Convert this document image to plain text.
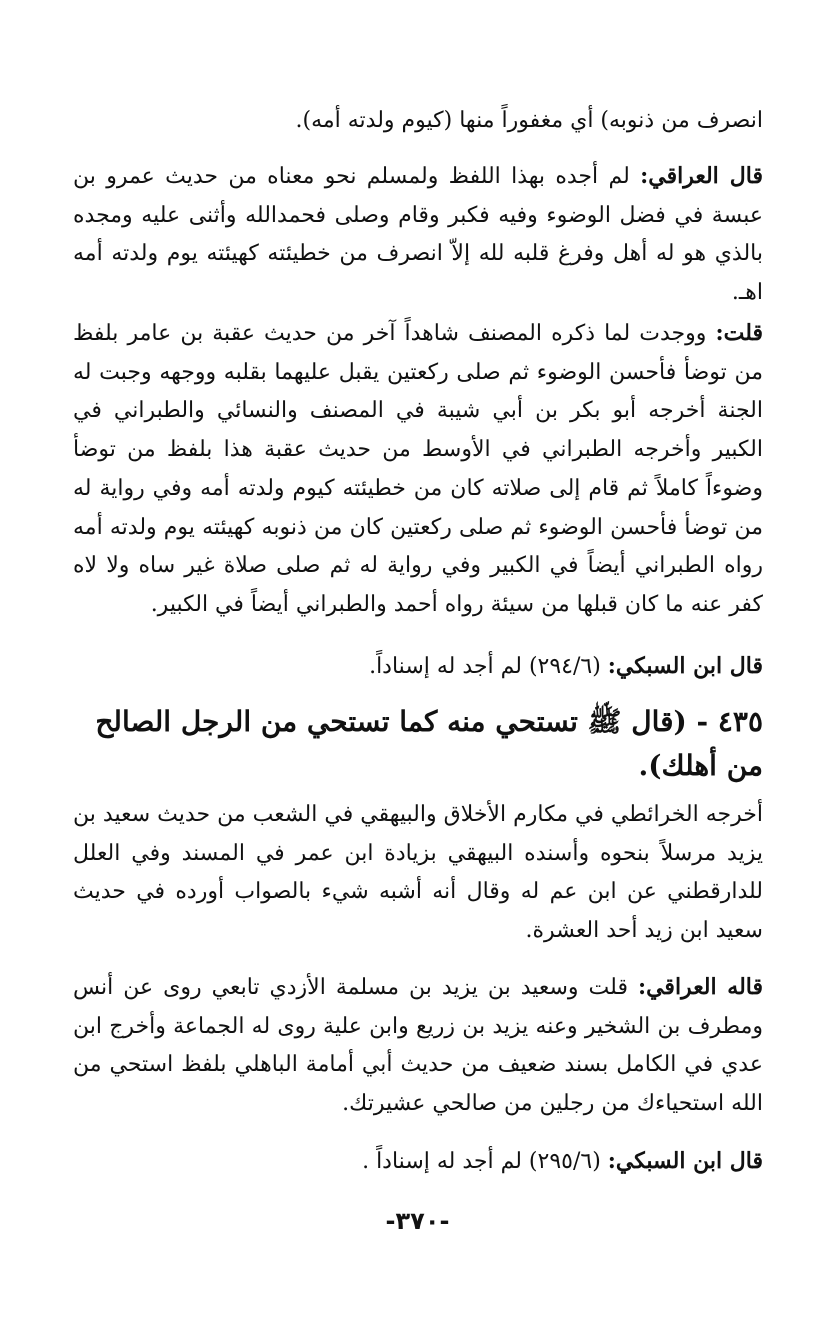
انصرف من ذنوبه) أي مغفوراً منها (كيوم ولدته أمه).
قال العراقي: لم أجده بهذا اللفظ ولمسلم نحو معناه من حديث عمرو بن عبسة في فضل الوضوء وفيه فكبر وقام وصلى فحمدالله وأثنى عليه ومجده بالذي هو له أهل وفرغ قلبه لله إلاّ انصرف من خطيئته كهيئته يوم ولدته أمه اهـ.
قلت: ووجدت لما ذكره المصنف شاهداً آخر من حديث عقبة بن عامر بلفظ من توضأ فأحسن الوضوء ثم صلى ركعتين يقبل عليهما بقلبه ووجهه وجبت له الجنة أخرجه أبو بكر بن أبي شيبة في المصنف والنسائي والطبراني في الكبير وأخرجه الطبراني في الأوسط من حديث عقبة هذا بلفظ من توضأ وضوءاً كاملاً ثم قام إلى صلاته كان من خطيئته كيوم ولدته أمه وفي رواية له من توضأ فأحسن الوضوء ثم صلى ركعتين كان من ذنوبه كهيئته يوم ولدته أمه رواه الطبراني أيضاً في الكبير وفي رواية له ثم صلى صلاة غير ساه ولا لاه كفر عنه ما كان قبلها من سيئة رواه أحمد والطبراني أيضاً في الكبير.
قال ابن السبكي: (٢٩٤/٦) لم أجد له إسناداً.
٤٣٥ - (قال ﷺ تستحي منه كما تستحي من الرجل الصالح من أهلك).
أخرجه الخرائطي في مكارم الأخلاق والبيهقي في الشعب من حديث سعيد بن يزيد مرسلاً بنحوه وأسنده البيهقي بزيادة ابن عمر في المسند وفي العلل للدارقطني عن ابن عم له وقال أنه أشبه شيء بالصواب أورده في حديث سعيد ابن زيد أحد العشرة.
قاله العراقي: قلت وسعيد بن يزيد بن مسلمة الأزدي تابعي روى عن أنس ومطرف بن الشخير وعنه يزيد بن زريع وابن علية روى له الجماعة وأخرج ابن عدي في الكامل بسند ضعيف من حديث أبي أمامة الباهلي بلفظ استحي من الله استحياءك من رجلين من صالحي عشيرتك.
قال ابن السبكي: (٢٩٥/٦) لم أجد له إسناداً .
-٣٧٠-
